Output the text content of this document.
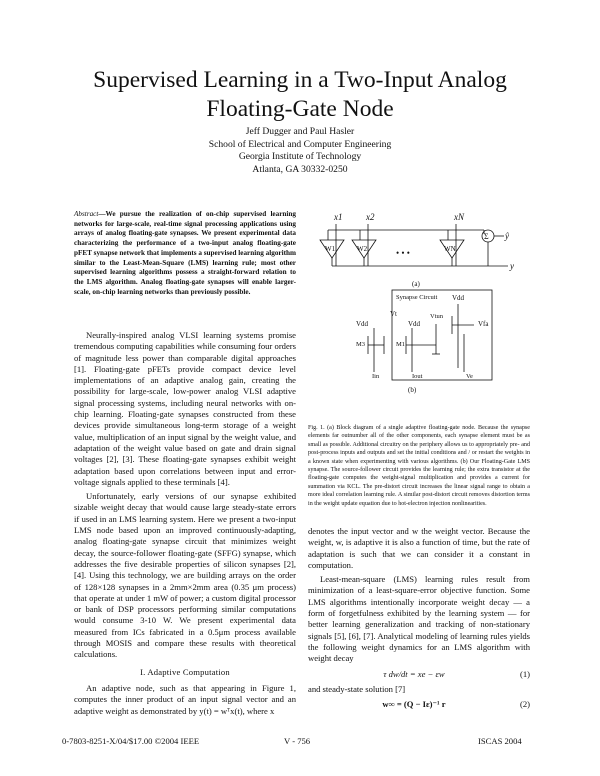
Supervised Learning in a Two-Input Analog
Floating-Gate Node
Jeff Dugger and Paul Hasler
School of Electrical and Computer Engineering
Georgia Institute of Technology
Atlanta, GA 30332-0250
Abstract—We pursue the realization of on-chip supervised learning networks for large-scale, real-time signal processing applications using arrays of analog floating-gate synapses. We present experimental data characterizing the performance of a two-input analog floating-gate pFET synapse network that implements a supervised learning algorithm similar to the Least-Mean-Square (LMS) learning rule; most other supervised learning algorithms possess a straight-forward relation to the LMS algorithm. Analog floating-gate synapses will enable larger-scale, on-chip learning networks than previously possible.

Neurally-inspired analog VLSI learning systems promise tremendous computing capabilities while consuming four orders of magnitude less power than comparable digital approaches [1]. Floating-gate pFETs provide compact device level implementations of an adaptive analog gain, creating the possibility for large-scale, low-power analog VLSI adaptive signal processing systems, including neural networks with on-chip learning. Floating-gate synapses constructed from these devices provide simultaneous long-term storage of a weight value, multiplication of an input signal by the weight value, and adaptation of the weight value based on gate and drain signal voltages [2], [3]. These floating-gate synapses exhibit weight adaptation based upon correlations between input and error-voltage signals applied to these terminals [4].

Unfortunately, early versions of our synapse exhibited sizable weight decay that would cause large steady-state errors if used in an LMS learning system. Here we present a two-input LMS node based upon an improved continuously-adapting, analog floating-gate synapse circuit that minimizes weight decay, the source-follower floating-gate (SFFG) synapse, which addresses the five desirable properties of silicon synapses [2], [4]. Using this technology, we are building arrays on the order of 128×128 synapses in a 2mm×2mm area (0.35 μm process) that operate at under 1 mW of power; a custom digital processor or bank of DSP processors performing similar computations would consume 3-10 W. We present experimental data measured from ICs fabricated in a 0.5μm process available through MOSIS and compare these results with theoretical calculations.

I. Adaptive Computation

An adaptive node, such as that appearing in Figure 1, computes the inner product of an input signal vector and an adaptive weight as demonstrated by y(t) = wᵀx(t), where x

x1	x2	xN
W1	W2	WN
• • •
Σ ŷ
y
(a)
Synapse Circuit Vdd
Vdd	Vdd
Vt	Vtun
Vfa
M3	M1
Iin	Iout	Ve
(b)
Fig. 1. (a) Block diagram of a single adaptive floating-gate node. Because the synapse elements far outnumber all of the other components, each synapse element must be as small as possible. Additional circuitry on the periphery allows us to appropriately pre- and post-process inputs and outputs and set the initial conditions and / or restart the weights in a known state when experimenting with various algorithms. (b) Our Floating-Gate LMS synapse. The source-follower circuit provides the learning rule; the extra transistor at the floating-gate computes the weight-signal multiplication and provides a current for summation via KCL. The pre-distort circuit increases the linear signal range to obtain a more ideal correlation learning rule. A similar post-distort circuit removes distortion terms in the weight update equation due to hot-electron injection nonlinearities.

denotes the input vector and w the weight vector. Because the weight, w, is adaptive it is also a function of time, but the rate of adaptation is such that we can consider it a constant in computation.

Least-mean-square (LMS) learning rules result from minimization of a least-square-error objective function. Some LMS algorithms intentionally incorporate weight decay — a form of forgetfulness exhibited by the learning system — for better learning generalization and tracking of non-stationary signals [5], [6], [7]. Analytical modeling of learning rules yields the following weight dynamics for an LMS algorithm with weight decay

τ dw/dt = xe − εw	(1)

and steady-state solution [7]

w∞ = (Q − Iε)⁻¹ r	(2)
0-7803-8251-X/04/$17.00 ©2004 IEEE	V - 756	ISCAS 2004
